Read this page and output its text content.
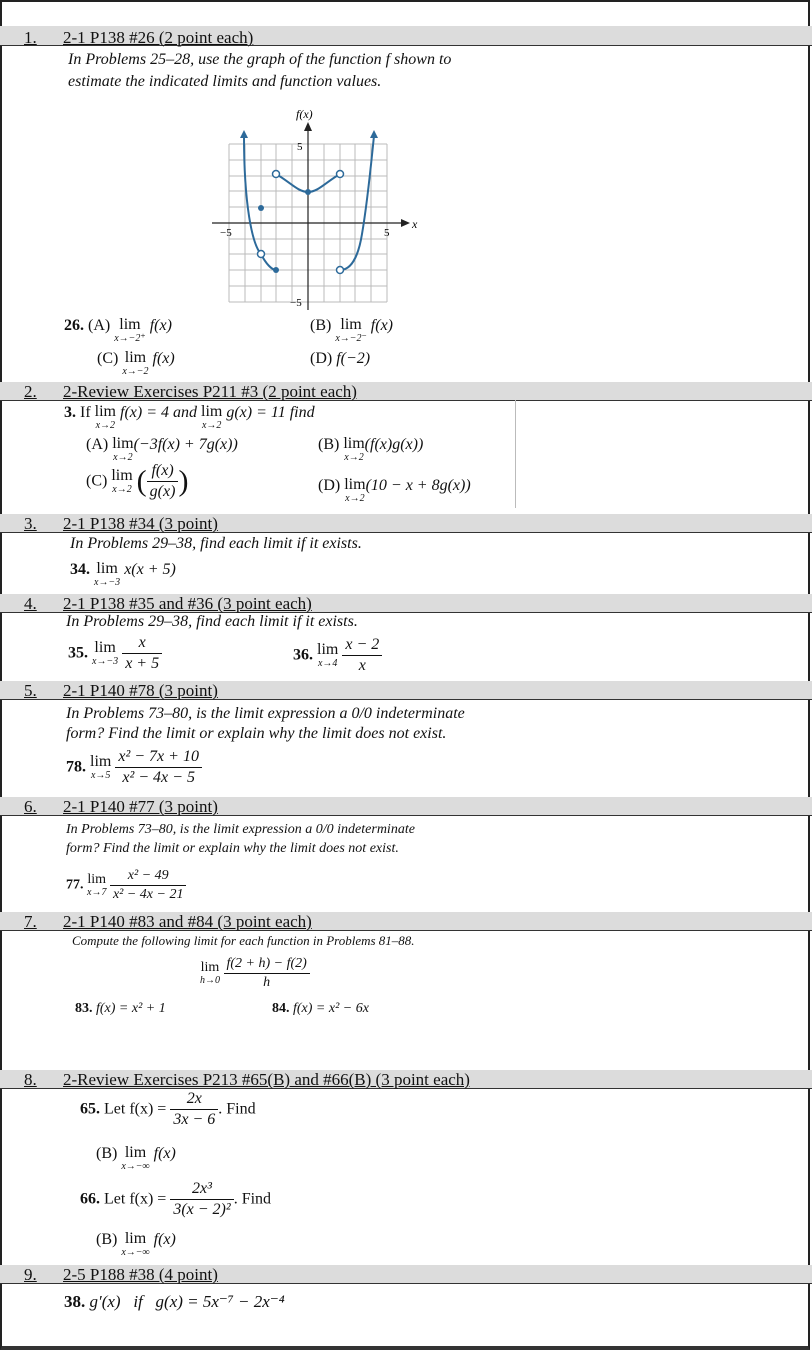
1. 2-1 P138 #26 (2 point each)
2. 2-Review Exercises P211 #3 (2 point each)
3. 2-1 P138 #34 (3 point)
4. 2-1 P138 #35 and #36 (3 point each)
5. 2-1 P140 #78 (3 point)
6. 2-1 P140 #77 (3 point)
7. 2-1 P140 #83 and #84 (3 point each)
8. 2-Review Exercises P213 #65(B) and #66(B) (3 point each)
9. 2-5 P188 #38 (4 point)
In Problems 25–28, use the graph of the function f shown to
estimate the indicated limits and function values.
f(x)
x
5
−5
−5	5
26. (A) lim
x→−2⁺
f(x)	(B) lim
x→−2⁻
f(x)
(C) lim
x→−2
f(x)	(D) f(−2)
3. If lim
x→2
f(x) = 4 and lim
x→2
g(x) = 11 find
(A) lim
x→2
(−3f(x) + 7g(x))	(B) lim
x→2
(f(x)g(x))
(C) lim
x→2 ( $\frac{f(x)}{g(x)}$ )	(D) lim
x→2
(10 − x + 8g(x))
In Problems 29–38, find each limit if it exists.
34. lim
x→−3
x(x + 5)
In Problems 29–38, find each limit if it exists.
35. lim
x→−3
$\frac{x}{x + 5}$	36. lim
x→4
$\frac{x - 2}{x}$
In Problems 73–80, is the limit expression a 0/0 indeterminate
form? Find the limit or explain why the limit does not exist.
78. lim
x→5
$\frac{\text{x² − 7x + 10}}{\text{x² − 4x − 5}}$
In Problems 73–80, is the limit expression a 0/0 indeterminate
form? Find the limit or explain why the limit does not exist.
77. lim
x→7
$\frac{\text{x² − 49}}{\text{x² − 4x − 21}}$
Compute the following limit for each function in Problems 81–88.
lim
h→0
$\frac{f(2 + h) - f(2)}{h}$
83. f(x) = x² + 1	84. f(x) = x² − 6x
65. Let $f(x) = \frac{2x}{3x - 6}$ . Find
(B) lim
x→−∞
f(x)
66. Let $f(x) = \frac{\text{2x³}}{\text{3(x − 2)²}}$ . Find
(B) lim
x→−∞
f(x)
38. g′(x)   if   g(x) = 5x⁻⁷ − 2x⁻⁴
